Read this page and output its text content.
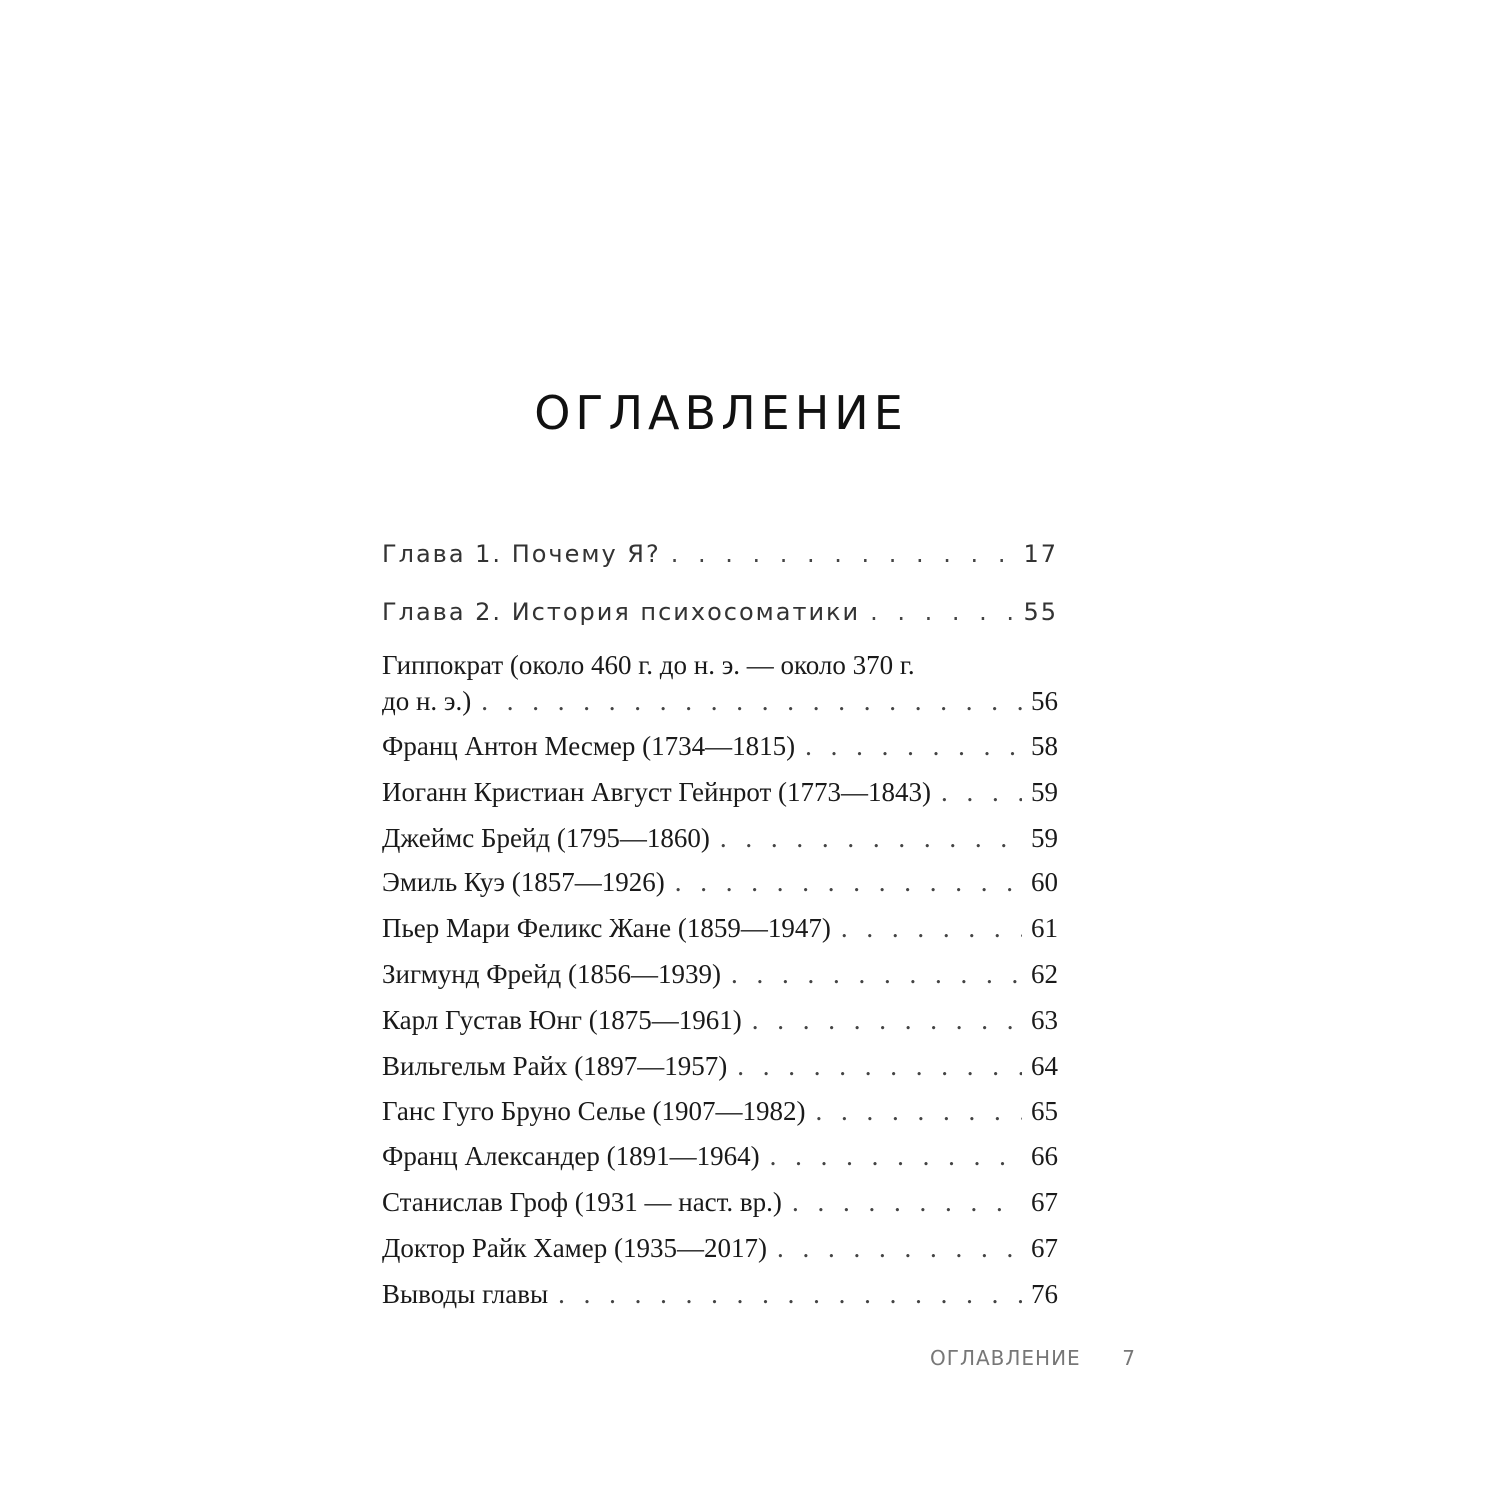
ОГЛАВЛЕНИЕ
Глава 1. Почему Я? . . .	17
Глава 2. История психосоматики . . .	55
Гиппократ (около 460 г. до н. э. — около 370 г.
до н. э.) . . .	56
Франц Антон Месмер (1734—1815) . . .	58
Иоганн Кристиан Август Гейнрот (1773—1843) . . .	59
Джеймс Брейд (1795—1860) . . .	59
Эмиль Куэ (1857—1926) . . .	60
Пьер Мари Феликс Жане (1859—1947) . . .	61
Зигмунд Фрейд (1856—1939) . . .	62
Карл Густав Юнг (1875—1961) . . .	63
Вильгельм Райх (1897—1957) . . .	64
Ганс Гуго Бруно Селье (1907—1982) . . .	65
Франц Александер (1891—1964) . . .	66
Станислав Гроф (1931 — наст. вр.) . . .	67
Доктор Райк Хамер (1935—2017) . . .	67
Выводы главы . . .	76
ОГЛАВЛЕНИЕ 7
